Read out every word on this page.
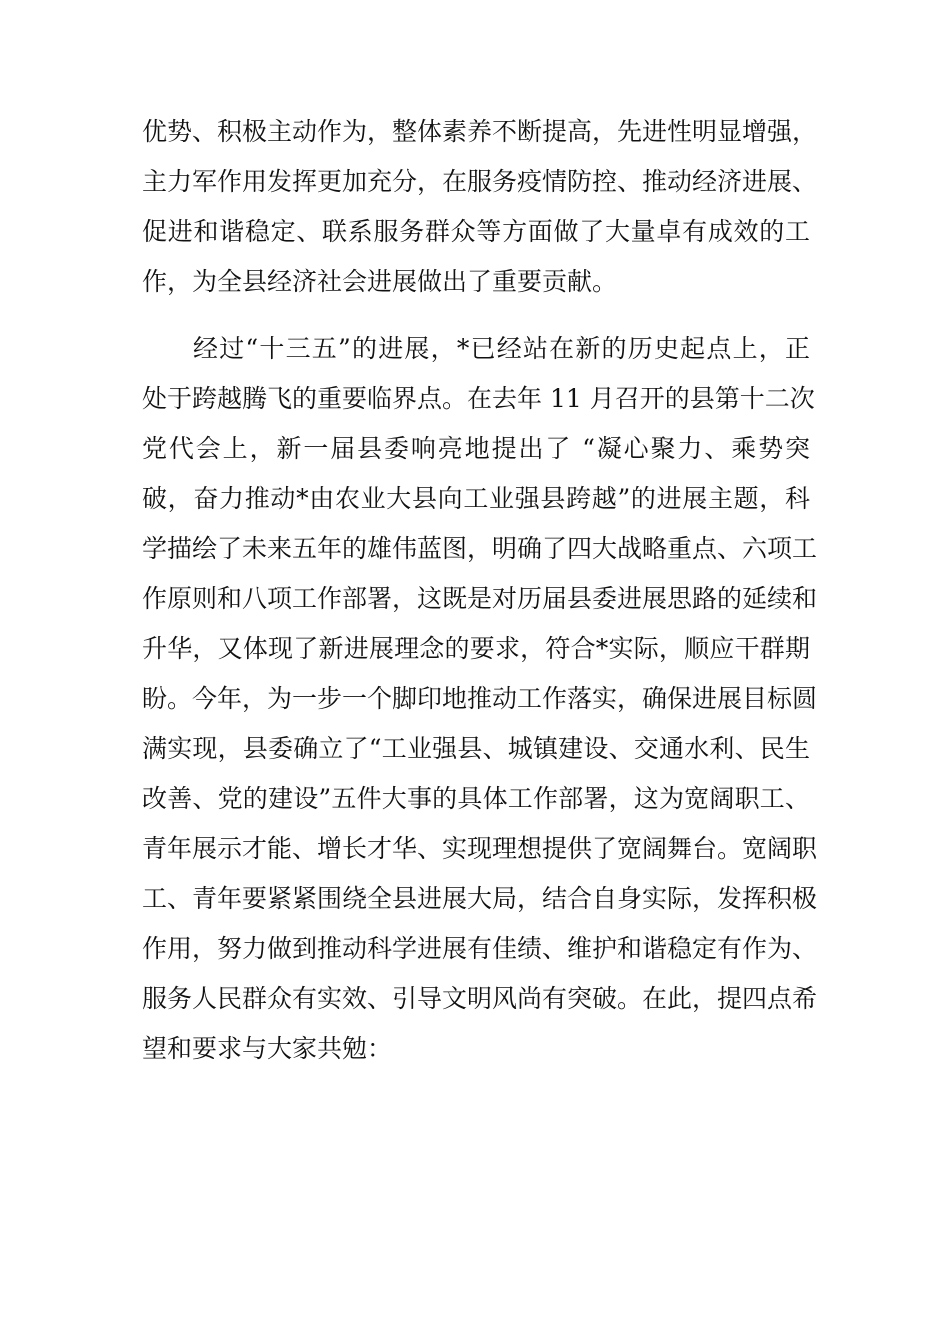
优势、积极主动作为，整体素养不断提高，先进性明显增强，
主力军作用发挥更加充分，在服务疫情防控、推动经济进展、
促进和谐稳定、联系服务群众等方面做了大量卓有成效的工
作，为全县经济社会进展做出了重要贡献。
经过“十三五”的进展，*已经站在新的历史起点上，正
处于跨越腾飞的重要临界点。在去年 11 月召开的县第十二次
党代会上，新一届县委响亮地提出了 “凝心聚力、乘势突
破，奋力推动*由农业大县向工业强县跨越”的进展主题，科
学描绘了未来五年的雄伟蓝图，明确了四大战略重点、六项工
作原则和八项工作部署，这既是对历届县委进展思路的延续和
升华，又体现了新进展理念的要求，符合*实际，顺应干群期
盼。今年，为一步一个脚印地推动工作落实，确保进展目标圆
满实现，县委确立了“工业强县、城镇建设、交通水利、民生
改善、党的建设”五件大事的具体工作部署，这为宽阔职工、
青年展示才能、增长才华、实现理想提供了宽阔舞台。宽阔职
工、青年要紧紧围绕全县进展大局，结合自身实际，发挥积极
作用，努力做到推动科学进展有佳绩、维护和谐稳定有作为、
服务人民群众有实效、引导文明风尚有突破。在此，提四点希
望和要求与大家共勉：
